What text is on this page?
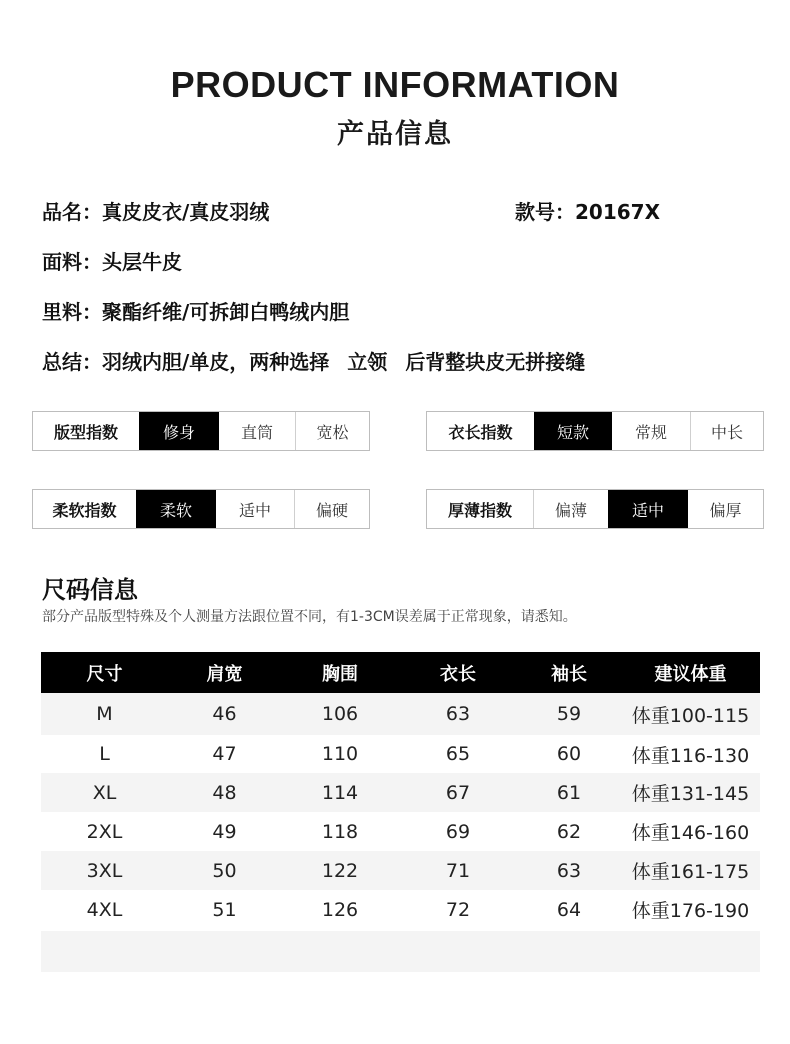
PRODUCT INFORMATION
产品信息
品名：真皮皮衣/真皮羽绒	款号：20167X
面料：头层牛皮
里料：聚酯纤维/可拆卸白鸭绒内胆
总结：羽绒内胆/单皮，两种选择 立领 后背整块皮无拼接缝
版型指数	修身	直筒	宽松	衣长指数	短款	常规	中长
柔软指数	柔软	适中	偏硬	厚薄指数	偏薄	适中	偏厚
尺码信息
部分产品版型特殊及个人测量方法跟位置不同，有1-3CM误差属于正常现象，请悉知。
尺寸	肩宽	胸围	衣长	袖长	建议体重
M	46	106	63	59	体重100-115
L	47	110	65	60	体重116-130
XL	48	114	67	61	体重131-145
2XL	49	118	69	62	体重146-160
3XL	50	122	71	63	体重161-175
4XL	51	126	72	64	体重176-190
